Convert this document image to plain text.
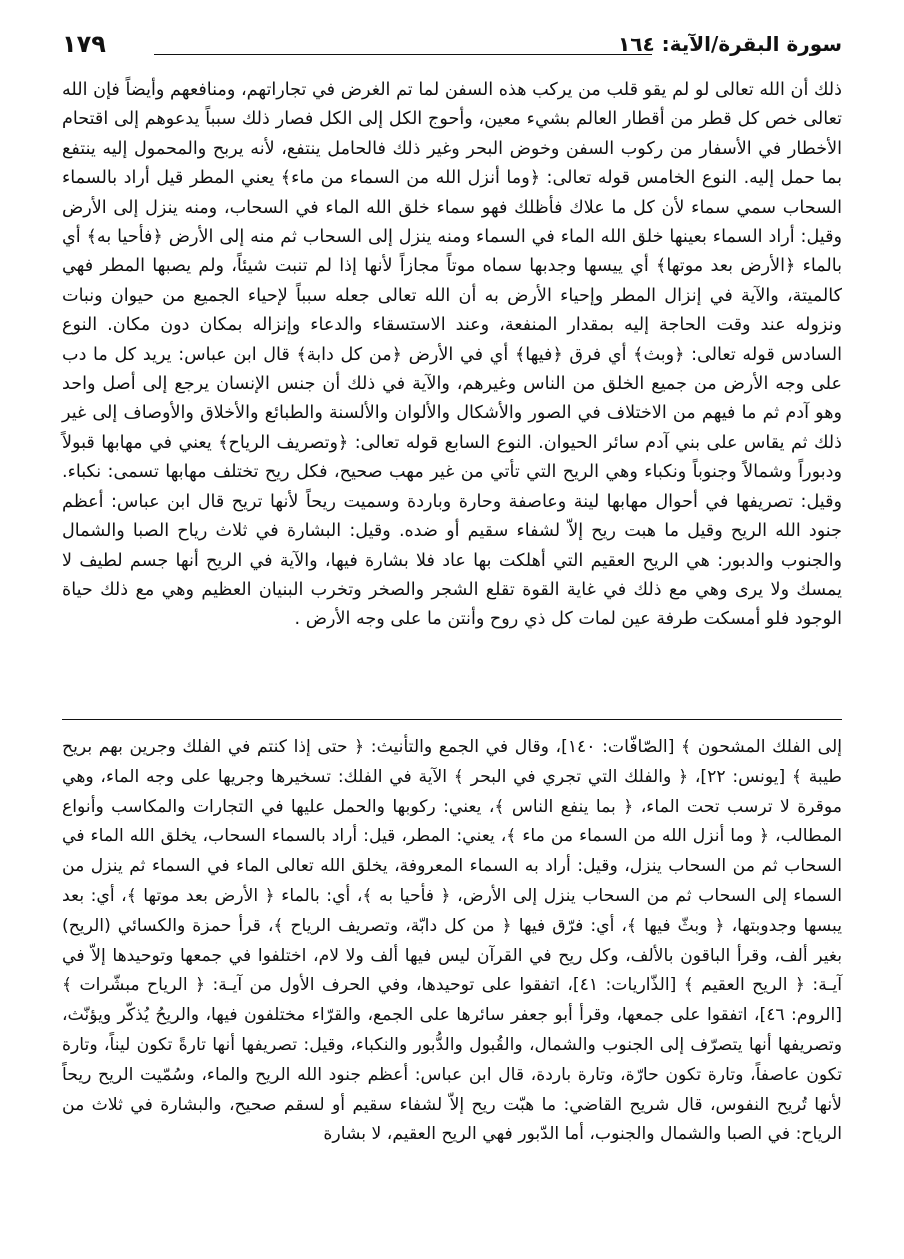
١٧٩	سورة البقرة/الآية: ١٦٤

ذلك أن الله تعالى لو لم يقو قلب من يركب هذه السفن لما تم الغرض في تجاراتهم، ومنافعهم وأيضاً فإن الله تعالى خص كل قطر من أقطار العالم بشيء معين، وأحوج الكل إلى الكل فصار ذلك سبباً يدعوهم إلى اقتحام الأخطار في الأسفار من ركوب السفن وخوض البحر وغير ذلك فالحامل ينتفع، لأنه يربح والمحمول إليه ينتفع بما حمل إليه. النوع الخامس قوله تعالى: ﴿وما أنزل الله من السماء من ماء﴾ يعني المطر قيل أراد بالسماء السحاب سمي سماء لأن كل ما علاك فأظلك فهو سماء خلق الله الماء في السحاب، ومنه ينزل إلى الأرض وقيل: أراد السماء بعينها خلق الله الماء في السماء ومنه ينزل إلى السحاب ثم منه إلى الأرض ﴿فأحيا به﴾ أي بالماء ﴿الأرض بعد موتها﴾ أي ييسها وجدبها سماه موتاً مجازاً لأنها إذا لم تنبت شيئاً، ولم يصبها المطر فهي كالميتة، والآية في إنزال المطر وإحياء الأرض به أن الله تعالى جعله سبباً لإحياء الجميع من حيوان ونبات ونزوله عند وقت الحاجة إليه بمقدار المنفعة، وعند الاستسقاء والدعاء وإنزاله بمكان دون مكان. النوع السادس قوله تعالى: ﴿وبث﴾ أي فرق ﴿فيها﴾ أي في الأرض ﴿من كل دابة﴾ قال ابن عباس: يريد كل ما دب على وجه الأرض من جميع الخلق من الناس وغيرهم، والآية في ذلك أن جنس الإنسان يرجع إلى أصل واحد وهو آدم ثم ما فيهم من الاختلاف في الصور والأشكال والألوان والألسنة والطبائع والأخلاق والأوصاف إلى غير ذلك ثم يقاس على بني آدم سائر الحيوان. النوع السابع قوله تعالى: ﴿وتصريف الرياح﴾ يعني في مهابها قبولاً ودبوراً وشمالاً وجنوباً ونكباء وهي الريح التي تأتي من غير مهب صحيح، فكل ريح تختلف مهابها تسمى: نكباء. وقيل: تصريفها في أحوال مهابها لينة وعاصفة وحارة وباردة وسميت ريحاً لأنها تريح قال ابن عباس: أعظم جنود الله الريح وقيل ما هبت ريح إلاّ لشفاء سقيم أو ضده. وقيل: البشارة في ثلاث رياح الصبا والشمال والجنوب والدبور: هي الريح العقيم التي أهلكت بها عاد فلا بشارة فيها، والآية في الريح أنها جسم لطيف لا يمسك ولا يرى وهي مع ذلك في غاية القوة تقلع الشجر والصخر وتخرب البنيان العظيم وهي مع ذلك حياة الوجود فلو أمسكت طرفة عين لمات كل ذي روح وأنتن ما على وجه الأرض .

إلى الفلك المشحون ﴾ [الصّافّات: ١٤٠]، وقال في الجمع والتأنيث: ﴿ حتى إذا كنتم في الفلك وجرين بهم بريح طيبة ﴾ [يونس: ٢٢]، ﴿ والفلك التي تجري في البحر ﴾ الآية في الفلك: تسخيرها وجريها على وجه الماء، وهي موقرة لا ترسب تحت الماء، ﴿ بما ينفع الناس ﴾، يعني: ركوبها والحمل عليها في التجارات والمكاسب وأنواع المطالب، ﴿ وما أنزل الله من السماء من ماء ﴾، يعني: المطر، قيل: أراد بالسماء السحاب، يخلق الله الماء في السحاب ثم من السحاب ينزل، وقيل: أراد به السماء المعروفة، يخلق الله تعالى الماء في السماء ثم ينزل من السماء إلى السحاب ثم من السحاب ينزل إلى الأرض، ﴿ فأحيا به ﴾، أي: بالماء ﴿ الأرض بعد موتها ﴾، أي: بعد يبسها وجدوبتها، ﴿ وبثّ فيها ﴾، أي: فرّق فيها ﴿ من كل دابّة، وتصريف الرياح ﴾، قرأ حمزة والكسائي (الريح) بغير ألف، وقرأ الباقون بالألف، وكل ريح في القرآن ليس فيها ألف ولا لام، اختلفوا في جمعها وتوحيدها إلاّ في آيـة: ﴿ الريح العقيم ﴾ [الذّاريات: ٤١]، اتفقوا على توحيدها، وفي الحرف الأول من آيـة: ﴿ الرياح مبشّرات ﴾ [الروم: ٤٦]، اتفقوا على جمعها، وقرأ أبو جعفر سائرها على الجمع، والقرّاء مختلفون فيها، والريحُ يُذكّر ويؤنّث، وتصريفها أنها يتصرّف إلى الجنوب والشمال، والقُبول والدُّبور والنكباء، وقيل: تصريفها أنها تارةً تكون ليناً، وتارة تكون عاصفاً، وتارة تكون حارّة، وتارة باردة، قال ابن عباس: أعظم جنود الله الريح والماء، وسُمّيت الريح ريحاً لأنها تُريح النفوس، قال شريح القاضي: ما هبّت ريح إلاّ لشفاء سقيم أو لسقم صحيح، والبشارة في ثلاث من الرياح: في الصبا والشمال والجنوب، أما الدّبور فهي الريح العقيم، لا بشارة
